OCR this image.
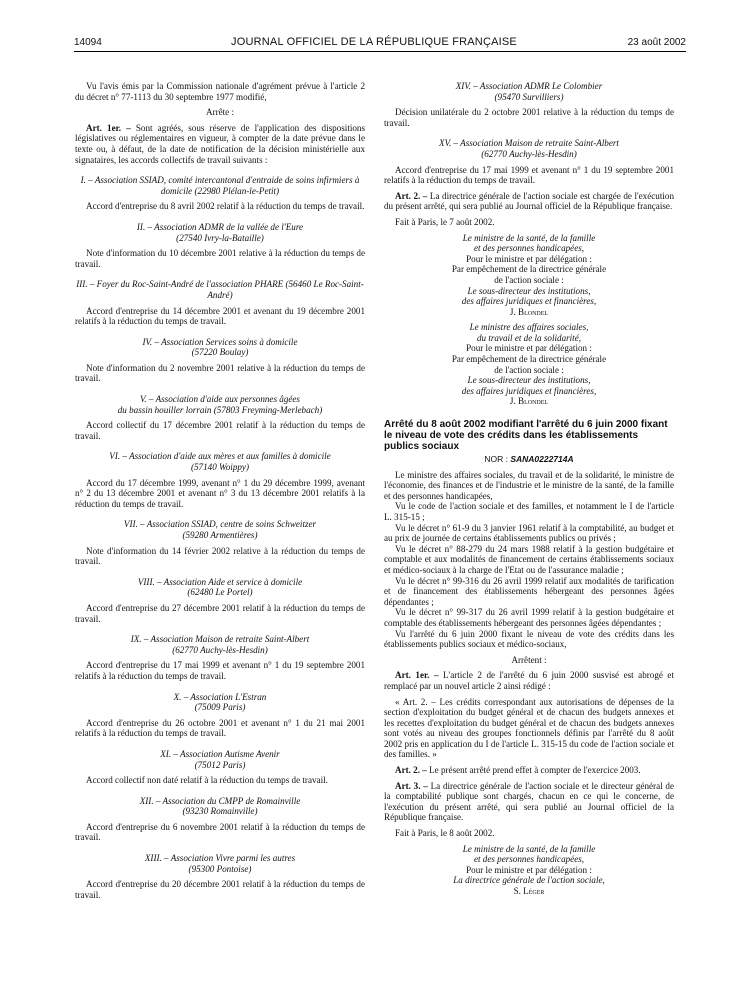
14094	JOURNAL OFFICIEL DE LA RÉPUBLIQUE FRANÇAISE	23 août 2002

Vu l'avis émis par la Commission nationale d'agrément prévue à l'article 2 du décret n° 77-1113 du 30 septembre 1977 modifié,

Arrête :

Art. 1er. – Sont agréés, sous réserve de l'application des dispositions législatives ou réglementaires en vigueur, à compter de la date prévue dans le texte ou, à défaut, de la date de notification de la décision ministérielle aux signataires, les accords collectifs de travail suivants :

I. – Association SSIAD, comité intercantonal d'entraide de soins infirmiers à domicile (22980 Plélan-le-Petit)

Accord d'entreprise du 8 avril 2002 relatif à la réduction du temps de travail.

II. – Association ADMR de la vallée de l'Eure

(27540 Ivry-la-Bataille)

Note d'information du 10 décembre 2001 relative à la réduction du temps de travail.

III. – Foyer du Roc-Saint-André de l'association PHARE (56460 Le Roc-Saint-André)

Accord d'entreprise du 14 décembre 2001 et avenant du 19 décembre 2001 relatifs à la réduction du temps de travail.

IV. – Association Services soins à domicile

(57220 Boulay)

Note d'information du 2 novembre 2001 relative à la réduction du temps de travail.

V. – Association d'aide aux personnes âgées

du bassin houiller lorrain (57803 Freyming-Merlebach)

Accord collectif du 17 décembre 2001 relatif à la réduction du temps de travail.

VI. – Association d'aide aux mères et aux familles à domicile

(57140 Woippy)

Accord du 17 décembre 1999, avenant n° 1 du 29 décembre 1999, avenant n° 2 du 13 décembre 2001 et avenant n° 3 du 13 décembre 2001 relatifs à la réduction du temps de travail.

VII. – Association SSIAD, centre de soins Schweitzer

(59280 Armentières)

Note d'information du 14 février 2002 relative à la réduction du temps de travail.

VIII. – Association Aide et service à domicile

(62480 Le Portel)

Accord d'entreprise du 27 décembre 2001 relatif à la réduction du temps de travail.

IX. – Association Maison de retraite Saint-Albert

(62770 Auchy-lès-Hesdin)

Accord d'entreprise du 17 mai 1999 et avenant n° 1 du 19 septembre 2001 relatifs à la réduction du temps de travail.

X. – Association L'Estran

(75009 Paris)

Accord d'entreprise du 26 octobre 2001 et avenant n° 1 du 21 mai 2001 relatifs à la réduction du temps de travail.

XI. – Association Autisme Avenir

(75012 Paris)

Accord collectif non daté relatif à la réduction du temps de travail.

XII. – Association du CMPP de Romainville

(93230 Romainville)

Accord d'entreprise du 6 novembre 2001 relatif à la réduction du temps de travail.

XIII. – Association Vivre parmi les autres

(95300 Pontoise)

Accord d'entreprise du 20 décembre 2001 relatif à la réduction du temps de travail.

XIV. – Association ADMR Le Colombier

(95470 Survilliers)

Décision unilatérale du 2 octobre 2001 relative à la réduction du temps de travail.

XV. – Association Maison de retraite Saint-Albert

(62770 Auchy-lès-Hesdin)

Accord d'entreprise du 17 mai 1999 et avenant n° 1 du 19 septembre 2001 relatifs à la réduction du temps de travail.

Art. 2. – La directrice générale de l'action sociale est chargée de l'exécution du présent arrêté, qui sera publié au Journal officiel de la République française.

Fait à Paris, le 7 août 2002.

Le ministre de la santé, de la famille

et des personnes handicapées,

Pour le ministre et par délégation :

Par empêchement de la directrice générale

de l'action sociale :

Le sous-directeur des institutions,

des affaires juridiques et financières,

J. Blondel

Le ministre des affaires sociales,

du travail et de la solidarité,

Pour le ministre et par délégation :

Par empêchement de la directrice générale

de l'action sociale :

Le sous-directeur des institutions,

des affaires juridiques et financières,

J. Blondel

Arrêté du 8 août 2002 modifiant l'arrêté du 6 juin 2000 fixant le niveau de vote des crédits dans les établissements publics sociaux

NOR : SANA0222714A

Le ministre des affaires sociales, du travail et de la solidarité, le ministre de l'économie, des finances et de l'industrie et le ministre de la santé, de la famille et des personnes handicapées,

Vu le code de l'action sociale et des familles, et notamment le I de l'article L. 315-15 ;

Vu le décret n° 61-9 du 3 janvier 1961 relatif à la comptabilité, au budget et au prix de journée de certains établissements publics ou privés ;

Vu le décret n° 88-279 du 24 mars 1988 relatif à la gestion budgétaire et comptable et aux modalités de financement de certains établissements sociaux et médico-sociaux à la charge de l'Etat ou de l'assurance maladie ;

Vu le décret n° 99-316 du 26 avril 1999 relatif aux modalités de tarification et de financement des établissements hébergeant des personnes âgées dépendantes ;

Vu le décret n° 99-317 du 26 avril 1999 relatif à la gestion budgétaire et comptable des établissements hébergeant des personnes âgées dépendantes ;

Vu l'arrêté du 6 juin 2000 fixant le niveau de vote des crédits dans les établissements publics sociaux et médico-sociaux,

Arrêtent :

Art. 1er. – L'article 2 de l'arrêté du 6 juin 2000 susvisé est abrogé et remplacé par un nouvel article 2 ainsi rédigé :

« Art. 2. – Les crédits correspondant aux autorisations de dépenses de la section d'exploitation du budget général et de chacun des budgets annexes et les recettes d'exploitation du budget général et de chacun des budgets annexes sont votés au niveau des groupes fonctionnels définis par l'arrêté du 8 août 2002 pris en application du I de l'article L. 315-15 du code de l'action sociale et des familles. »

Art. 2. – Le présent arrêté prend effet à compter de l'exercice 2003.

Art. 3. – La directrice générale de l'action sociale et le directeur général de la comptabilité publique sont chargés, chacun en ce qui le concerne, de l'exécution du présent arrêté, qui sera publié au Journal officiel de la République française.

Fait à Paris, le 8 août 2002.

Le ministre de la santé, de la famille

et des personnes handicapées,

Pour le ministre et par délégation :

La directrice générale de l'action sociale,

S. Léger
